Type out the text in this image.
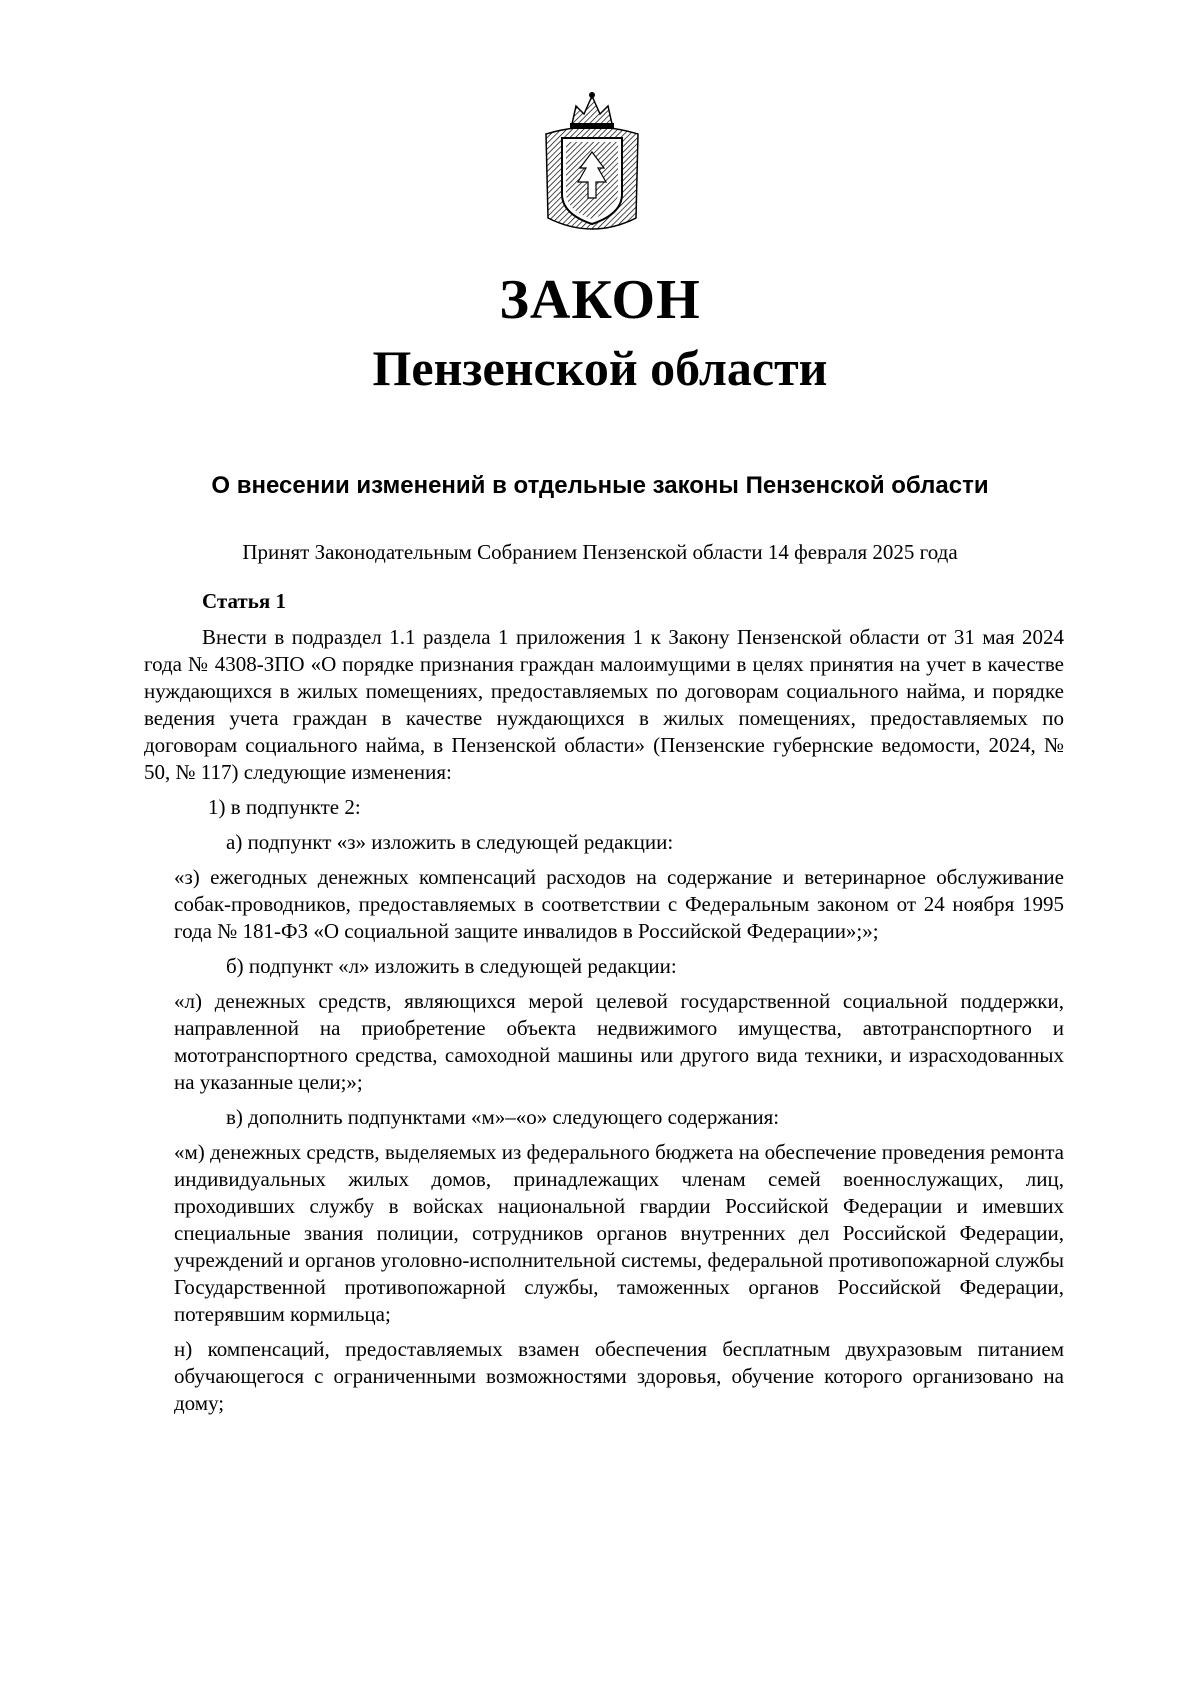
ЗАКОН
Пензенской области
О внесении изменений в отдельные законы Пензенской области
Принят Законодательным Собранием Пензенской области 14 февраля 2025 года
Статья 1
Внести в подраздел 1.1 раздела 1 приложения 1 к Закону Пензенской области от 31 мая 2024 года № 4308-ЗПО «О порядке признания граждан малоимущими в целях принятия на учет в качестве нуждающихся в жилых помещениях, предоставляемых по договорам социального найма, и порядке ведения учета граждан в качестве нуждающихся в жилых помещениях, предоставляемых по договорам социального найма, в Пензенской области» (Пензенские губернские ведомости, 2024, № 50, № 117) следующие изменения:
1) в подпункте 2:
а) подпункт «з» изложить в следующей редакции:
«з) ежегодных денежных компенсаций расходов на содержание и ветеринарное обслуживание собак-проводников, предоставляемых в соответствии с Федеральным законом от 24 ноября 1995 года № 181-ФЗ «О социальной защите инвалидов в Российской Федерации»;»;
б) подпункт «л» изложить в следующей редакции:
«л) денежных средств, являющихся мерой целевой государственной социальной поддержки, направленной на приобретение объекта недвижимого имущества, автотранспортного и мототранспортного средства, самоходной машины или другого вида техники, и израсходованных на указанные цели;»;
в) дополнить подпунктами «м»–«о» следующего содержания:
«м) денежных средств, выделяемых из федерального бюджета на обеспечение проведения ремонта индивидуальных жилых домов, принадлежащих членам семей военнослужащих, лиц, проходивших службу в войсках национальной гвардии Российской Федерации и имевших специальные звания полиции, сотрудников органов внутренних дел Российской Федерации, учреждений и органов уголовно-исполнительной системы, федеральной противопожарной службы Государственной противопожарной службы, таможенных органов Российской Федерации, потерявшим кормильца;
н) компенсаций, предоставляемых взамен обеспечения бесплатным двухразовым питанием обучающегося с ограниченными возможностями здоровья, обучение которого организовано на дому;
